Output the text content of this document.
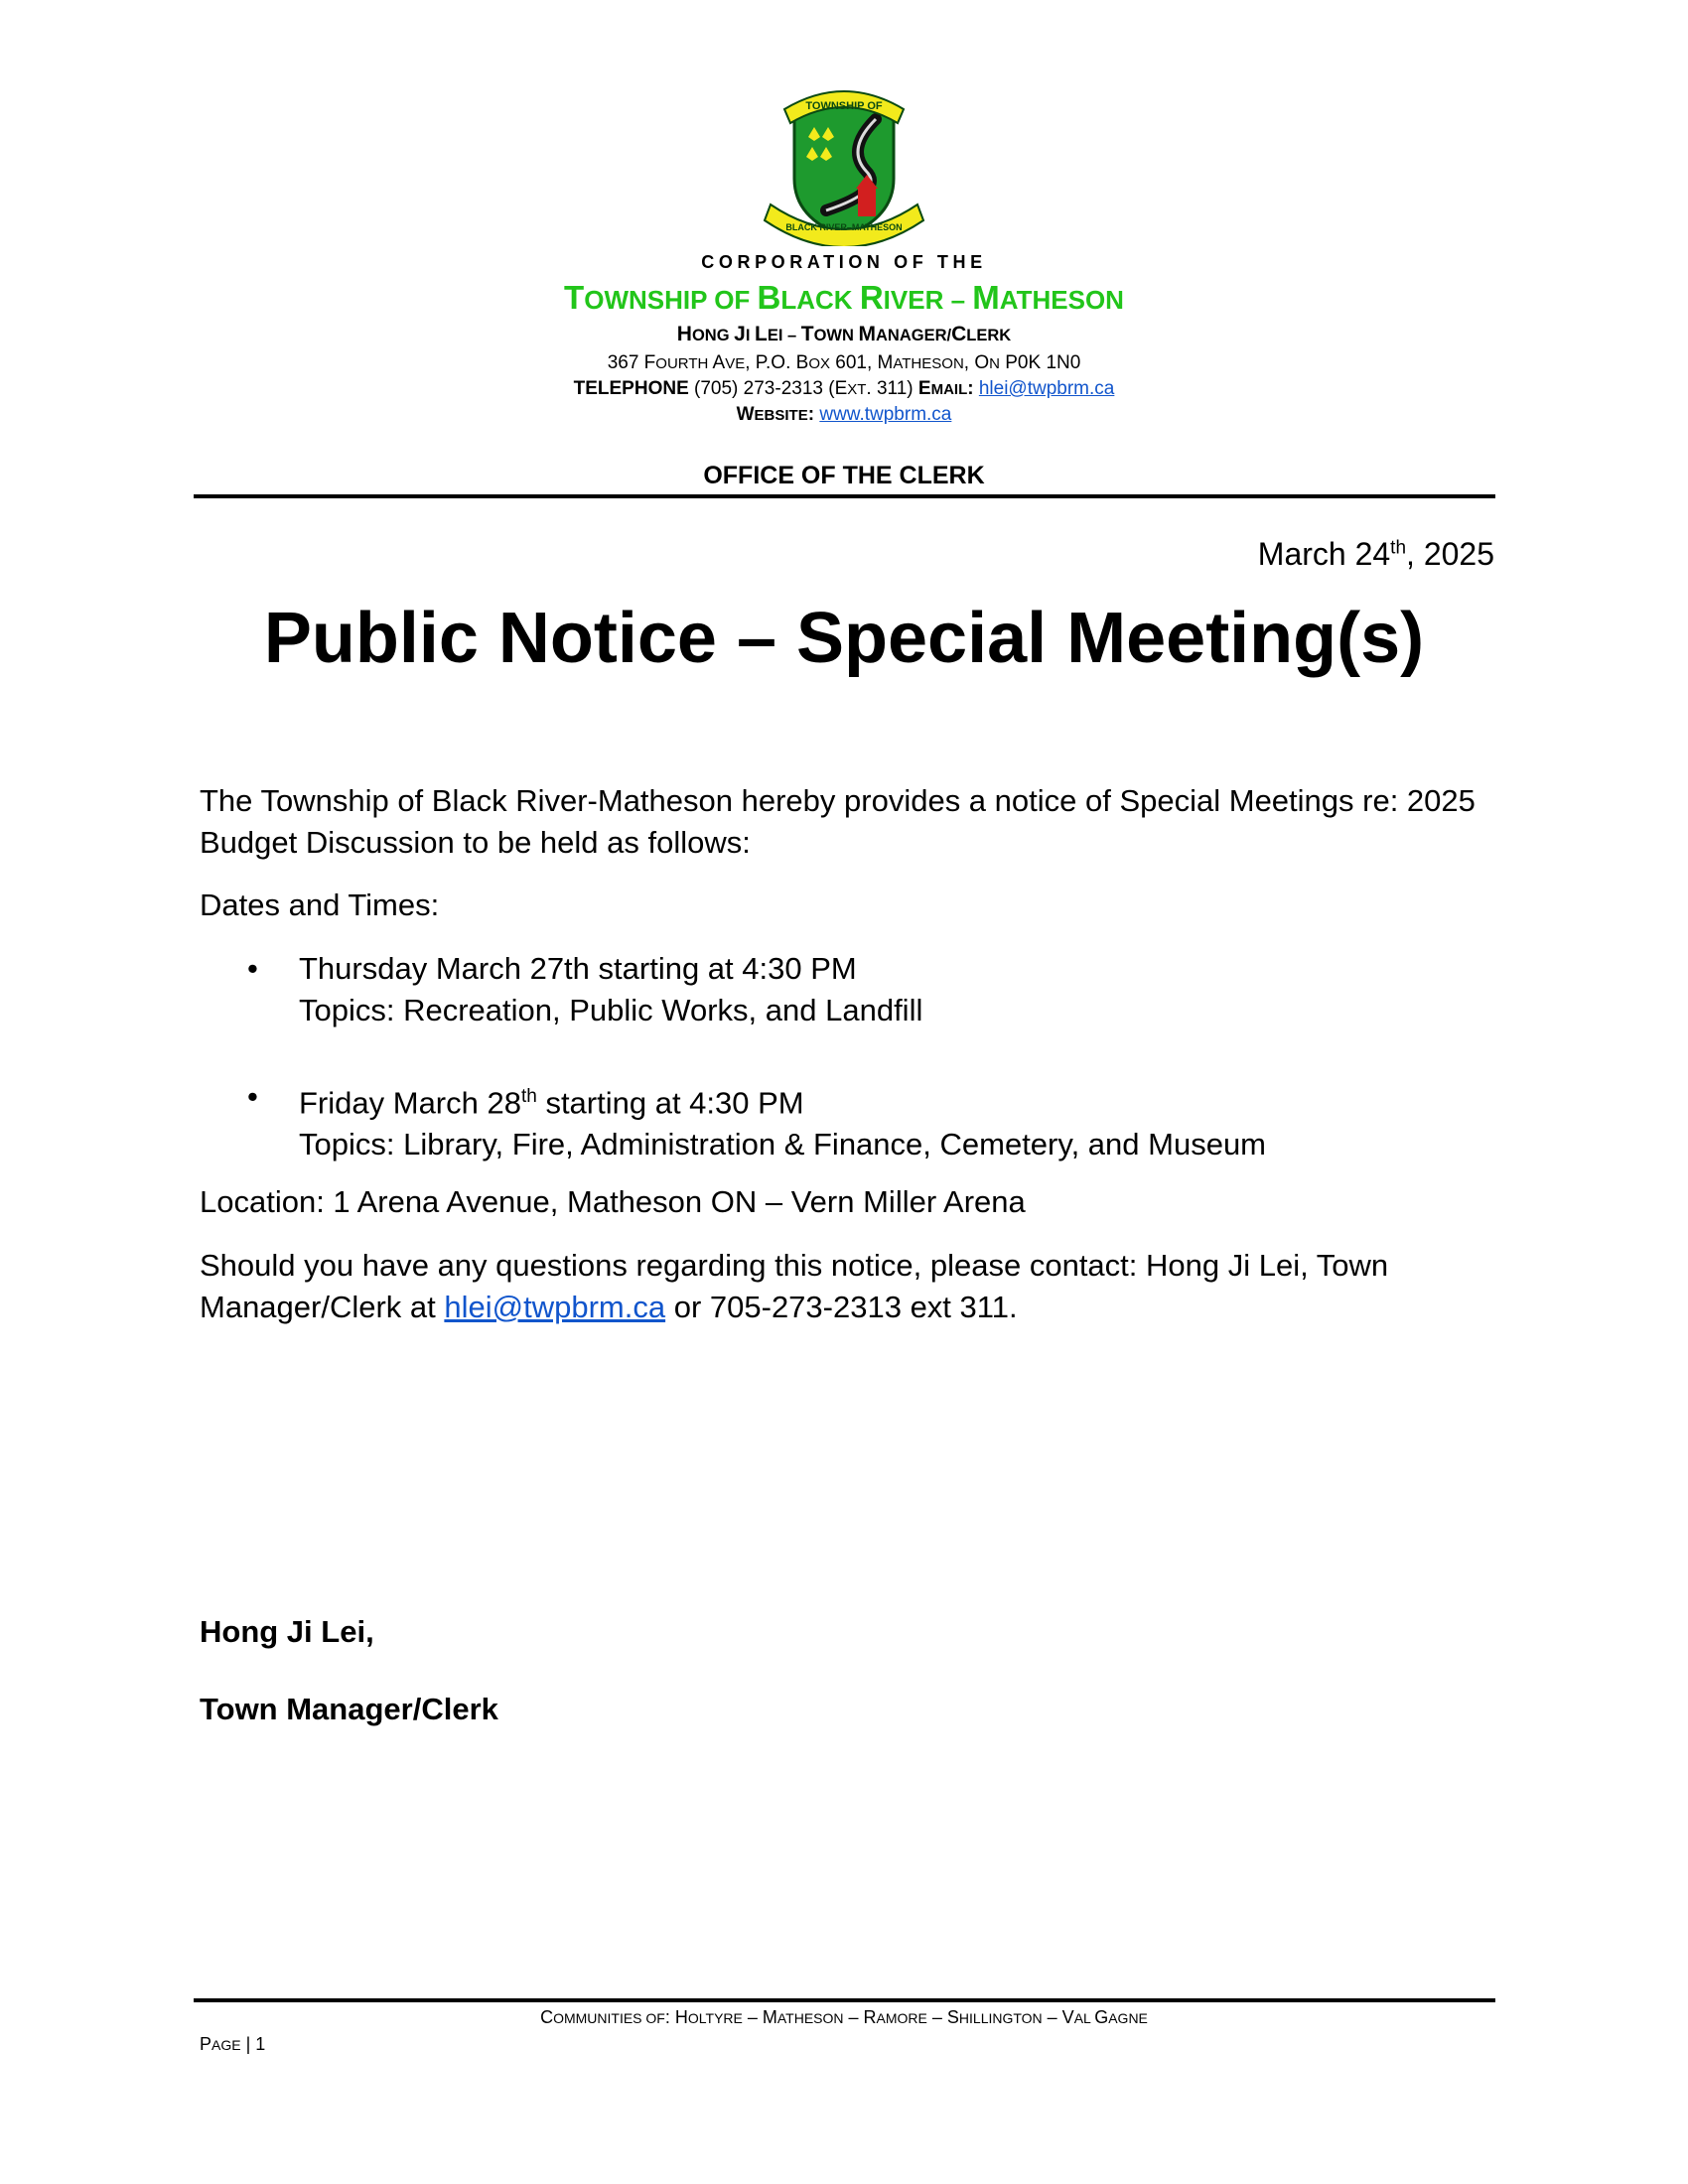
TOWNSHIP OF
BLACK RIVER–MATHESON
CORPORATION OF THE
TOWNSHIP OF BLACK RIVER – MATHESON
HONG JI LEI – TOWN MANAGER/CLERK
367 FOURTH AVE, P.O. BOX 601, MATHESON, ON P0K 1N0
TELEPHONE (705) 273-2313 (EXT. 311) EMAIL: hlei@twpbrm.ca
WEBSITE: www.twpbrm.ca
OFFICE OF THE CLERK
March 24th, 2025
Public Notice – Special Meeting(s)
The Township of Black River-Matheson hereby provides a notice of Special Meetings re: 2025 Budget Discussion to be held as follows:
Dates and Times:
• Thursday March 27th starting at 4:30 PM
Topics: Recreation, Public Works, and Landfill
• Friday March 28th starting at 4:30 PM
Topics: Library, Fire, Administration & Finance, Cemetery, and Museum
Location: 1 Arena Avenue, Matheson ON – Vern Miller Arena
Should you have any questions regarding this notice, please contact: Hong Ji Lei, Town Manager/Clerk at hlei@twpbrm.ca or 705-273-2313 ext 311.
Hong Ji Lei,
Town Manager/Clerk
COMMUNITIES OF: HOLTYRE – MATHESON – RAMORE – SHILLINGTON – VAL GAGNE
PAGE | 1
